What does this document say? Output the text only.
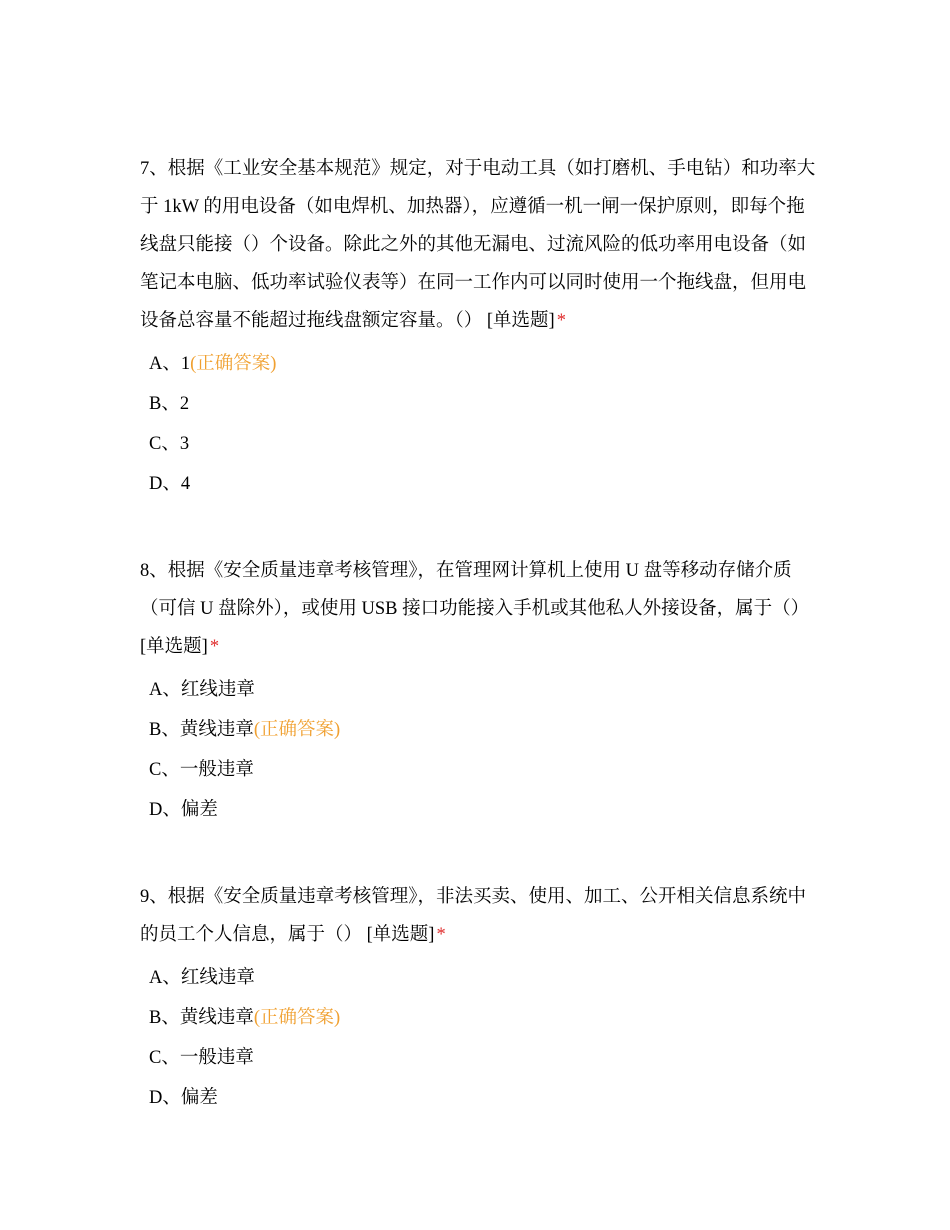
7、根据《工业安全基本规范》规定，对于电动工具（如打磨机、手电钻）和功率大于 1kW 的用电设备（如电焊机、加热器），应遵循一机一闸一保护原则，即每个拖线盘只能接（）个设备。除此之外的其他无漏电、过流风险的低功率用电设备（如笔记本电脑、低功率试验仪表等）在同一工作内可以同时使用一个拖线盘，但用电设备总容量不能超过拖线盘额定容量。（） [单选题] *

A、1(正确答案)
B、2
C、3
D、4

8、根据《安全质量违章考核管理》，在管理网计算机上使用 U 盘等移动存储介质（可信 U 盘除外），或使用 USB 接口功能接入手机或其他私人外接设备，属于（） [单选题] *

A、红线违章
B、黄线违章(正确答案)
C、一般违章
D、偏差

9、根据《安全质量违章考核管理》，非法买卖、使用、加工、公开相关信息系统中的员工个人信息，属于（） [单选题] *

A、红线违章
B、黄线违章(正确答案)
C、一般违章
D、偏差
